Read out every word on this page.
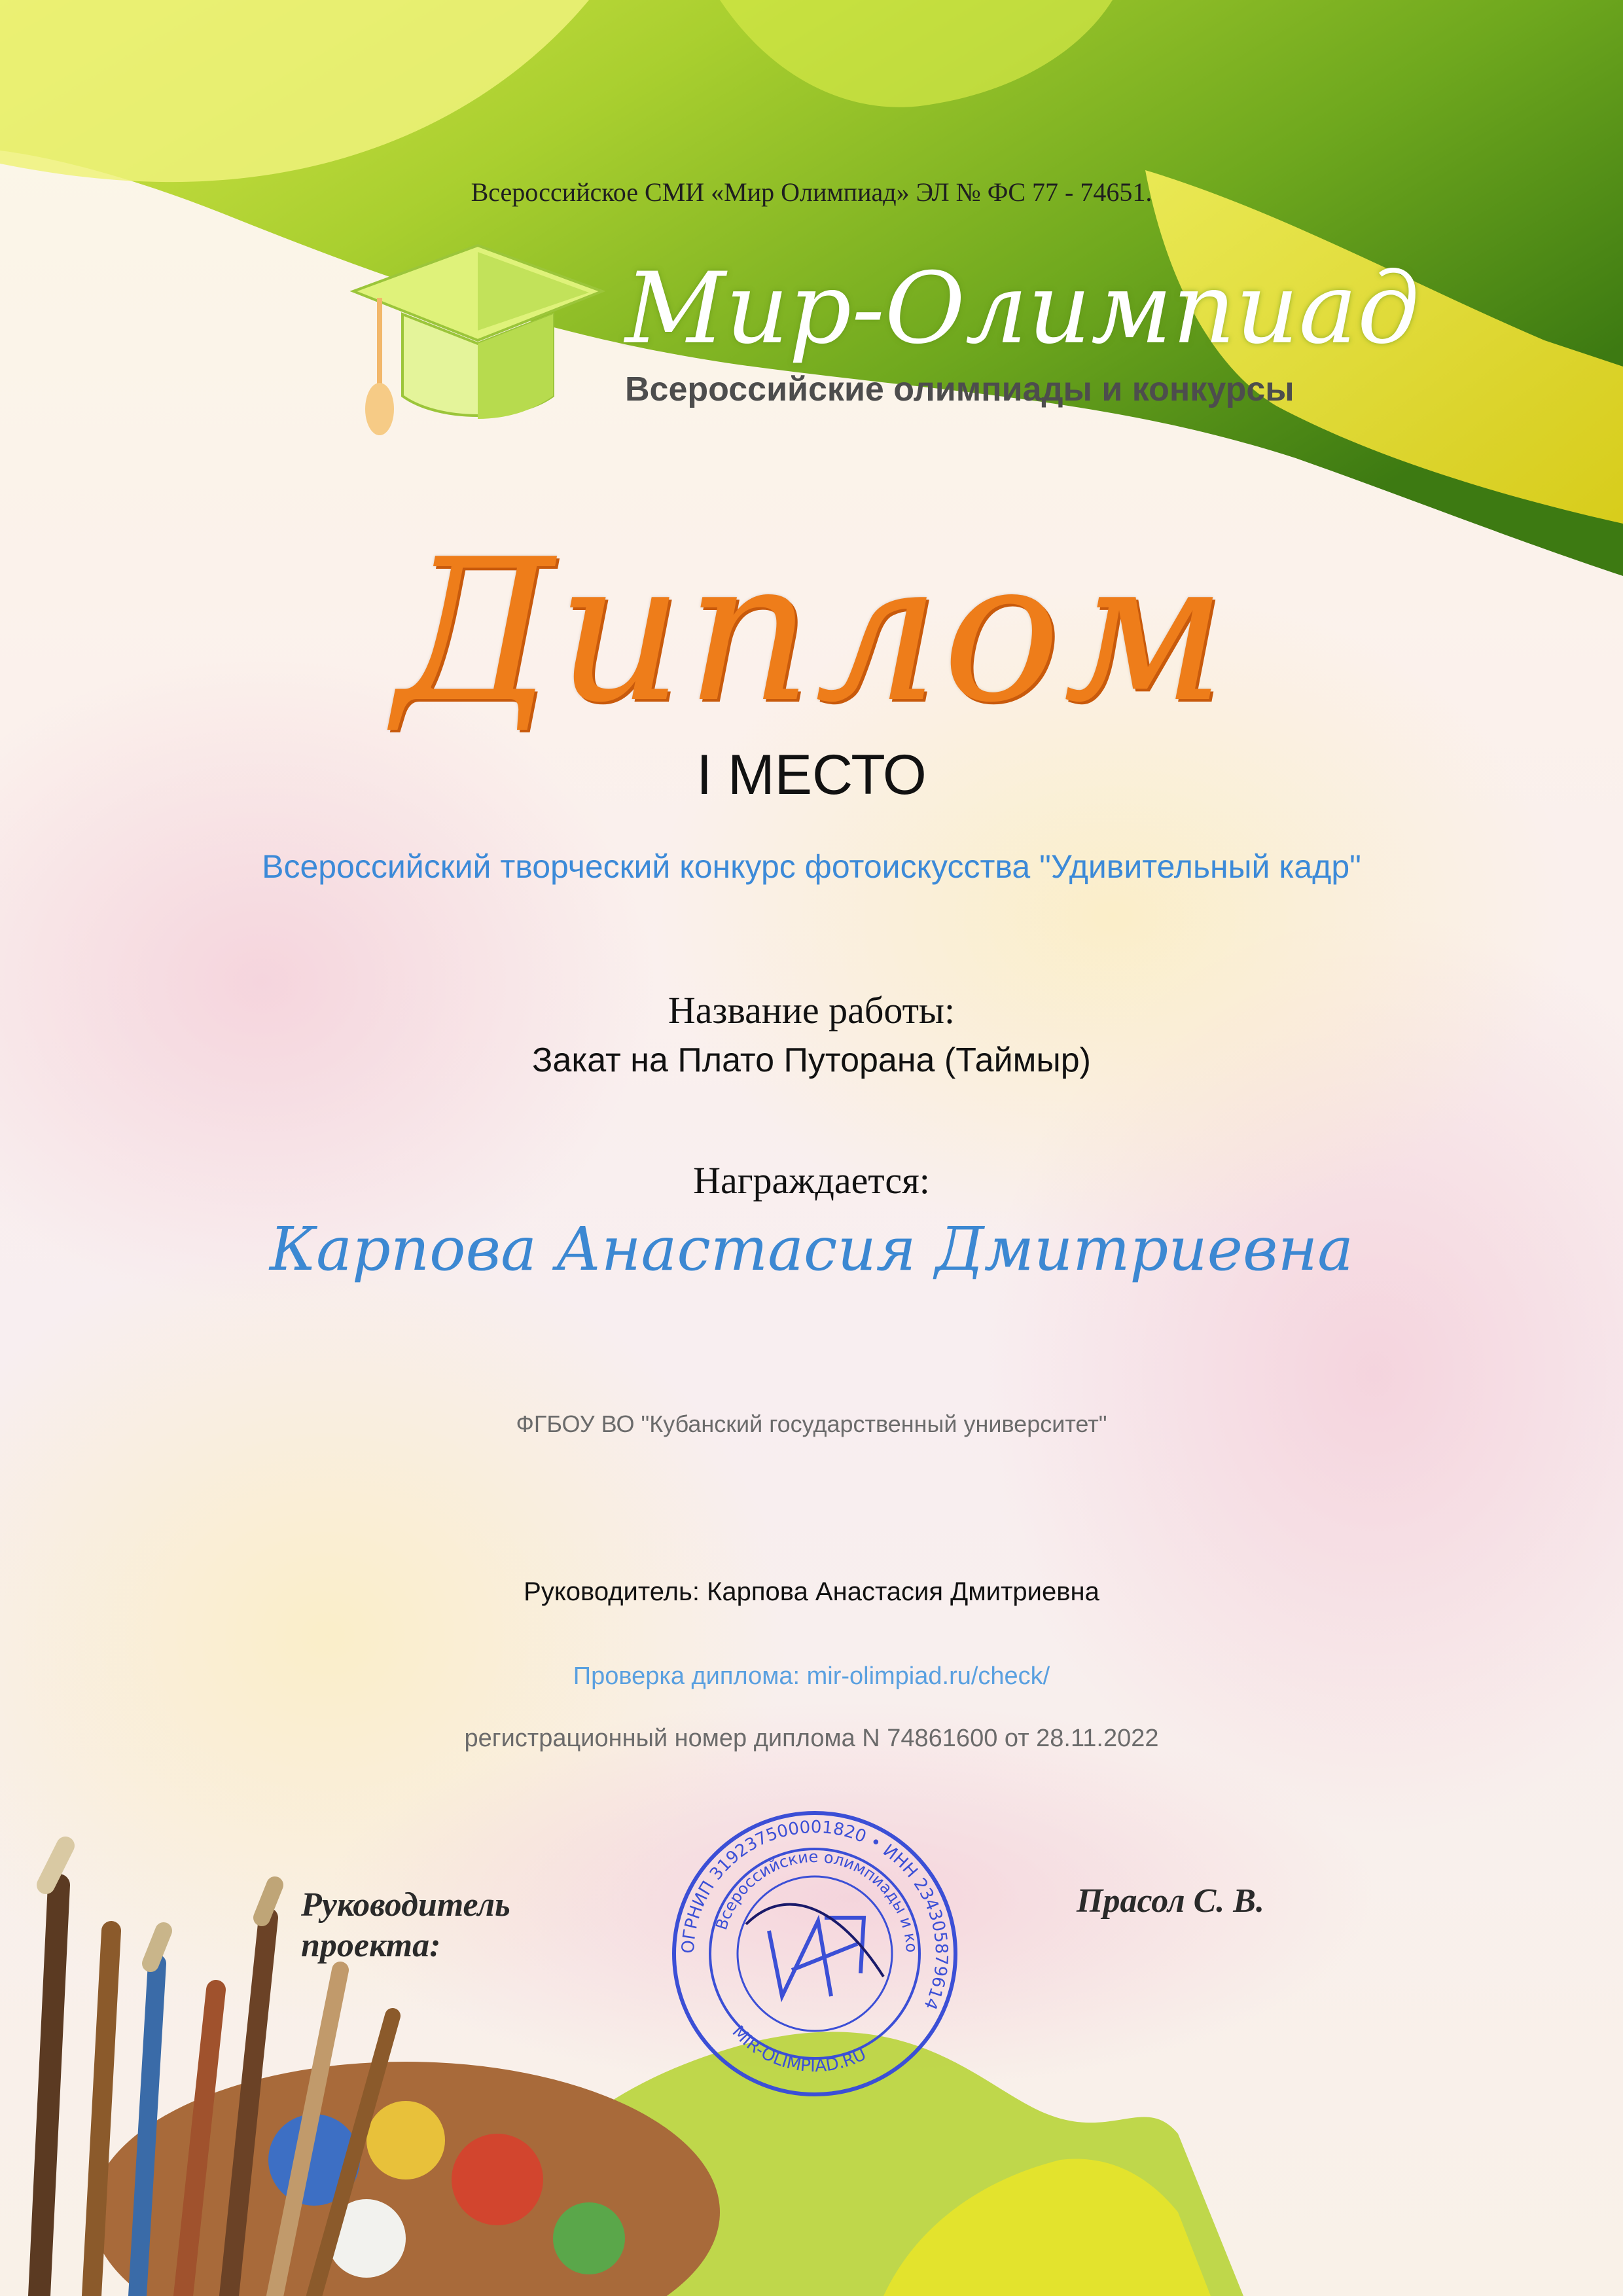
Всероссийское СМИ «Мир Олимпиад» ЭЛ № ФС 77 - 74651.
Мир-Олимпиад
Всероссийские олимпиады и конкурсы
Диплом
I МЕСТО
Всероссийский творческий конкурс фотоискусства "Удивительный кадр"
Название работы:
Закат на Плато Путорана (Таймыр)
Награждается:
Карпова Анастасия Дмитриевна
ФГБОУ ВО "Кубанский государственный университет"
Руководитель: Карпова Анастасия Дмитриевна
Проверка диплома: mir-olimpiad.ru/check/
регистрационный номер диплома N 74861600 от 28.11.2022
Руководитель проекта:
Прасол С. В.
ОГРНИП 319237500001820 • ИНН 234305879614
Всероссийские олимпиады и ко
MIR-OLIMPIAD.RU
